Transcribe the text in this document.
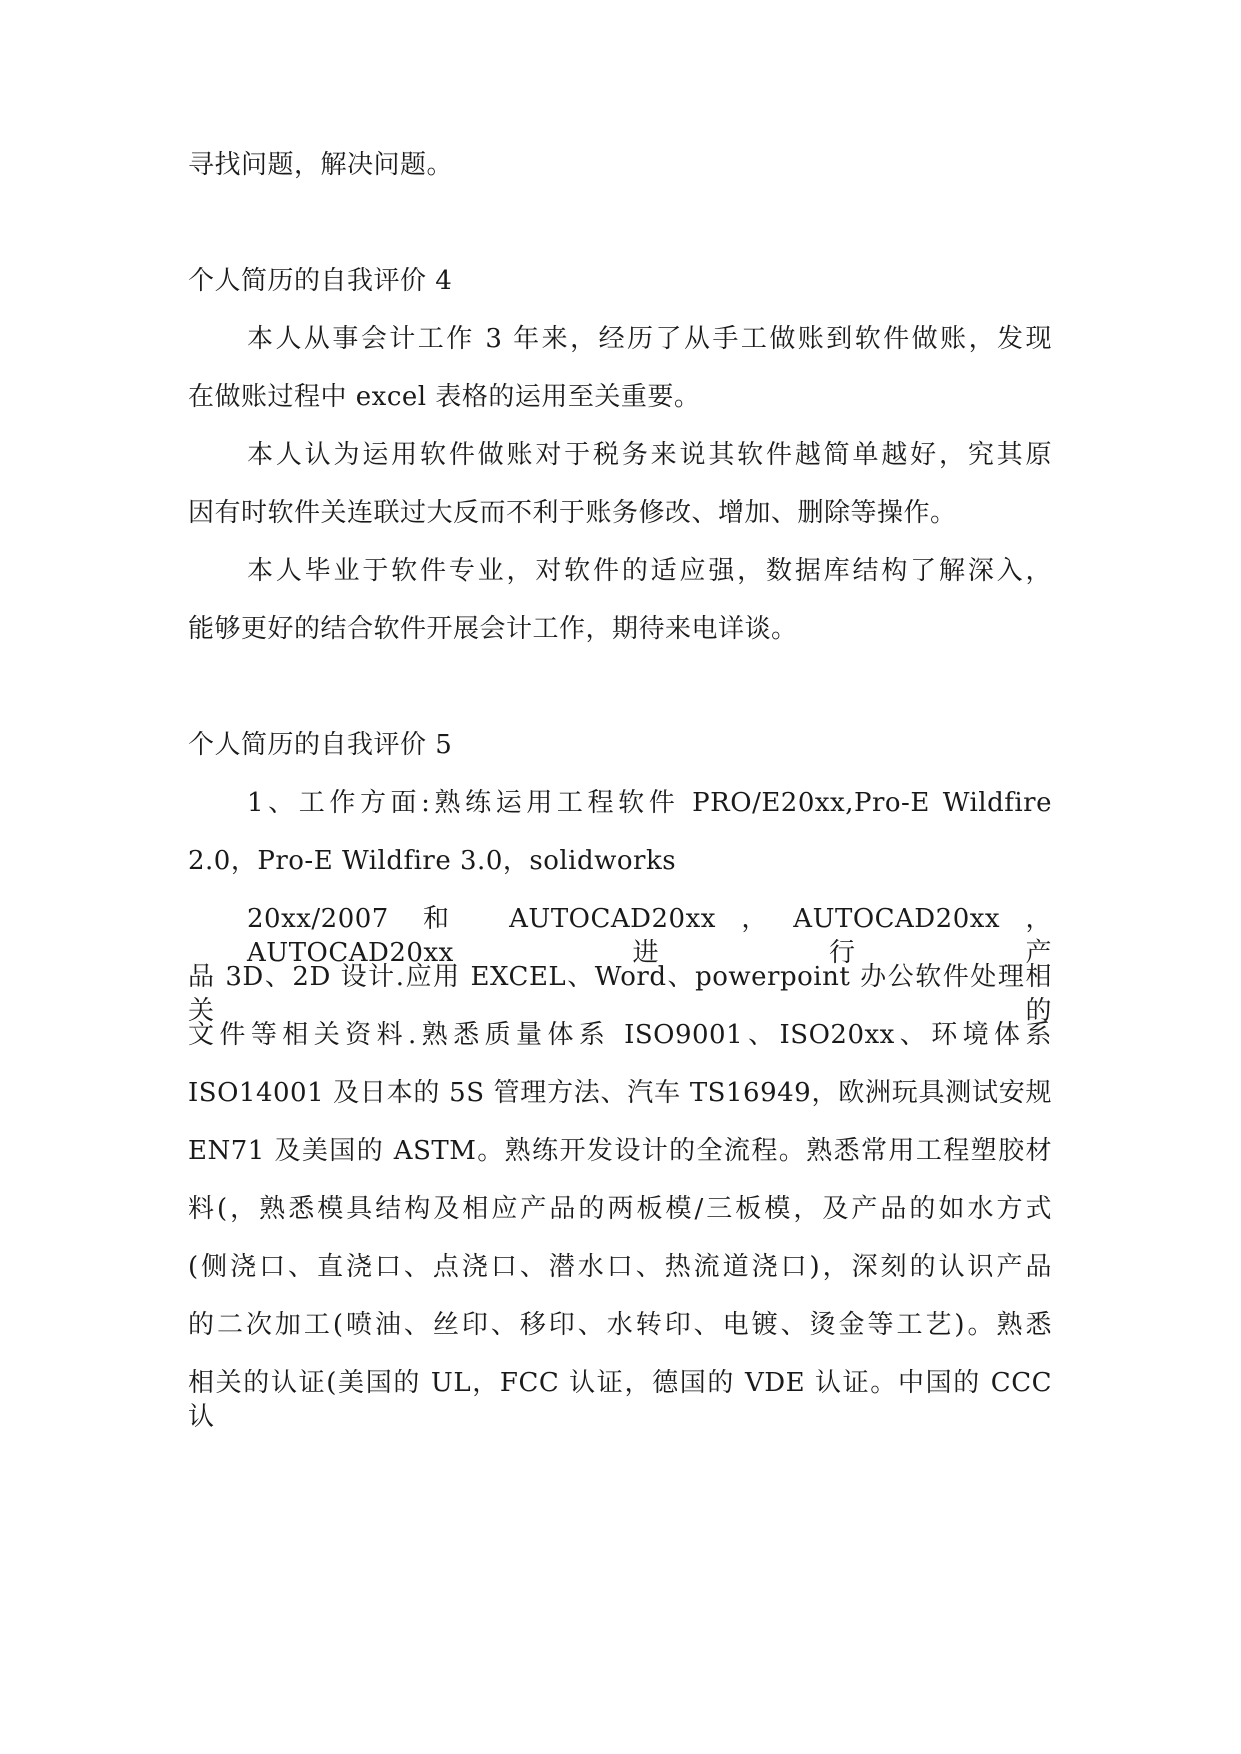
寻找问题，解决问题。
个人简历的自我评价 4
本人从事会计工作 3 年来，经历了从手工做账到软件做账，发现
在做账过程中 excel 表格的运用至关重要。
本人认为运用软件做账对于税务来说其软件越简单越好，究其原
因有时软件关连联过大反而不利于账务修改、增加、删除等操作。
本人毕业于软件专业，对软件的适应强，数据库结构了解深入，
能够更好的结合软件开展会计工作，期待来电详谈。
个人简历的自我评价 5
1、工作方面:熟练运用工程软件 PRO/E20xx,Pro-E Wildfire
2.0，Pro-E Wildfire 3.0，solidworks
20xx/2007 和 AUTOCAD20xx，AUTOCAD20xx，AUTOCAD20xx 进行产
品 3D、2D 设计.应用 EXCEL、Word、powerpoint 办公软件处理相关的
文件等相关资料.熟悉质量体系 ISO9001、ISO20xx、环境体系
ISO14001 及日本的 5S 管理方法、汽车 TS16949，欧洲玩具测试安规
EN71 及美国的 ASTM。熟练开发设计的全流程。熟悉常用工程塑胶材
料(，熟悉模具结构及相应产品的两板模/三板模，及产品的如水方式
(侧浇口、直浇口、点浇口、潜水口、热流道浇口)，深刻的认识产品
的二次加工(喷油、丝印、移印、水转印、电镀、烫金等工艺)。熟悉
相关的认证(美国的 UL，FCC 认证，德国的 VDE 认证。中国的 CCC 认
